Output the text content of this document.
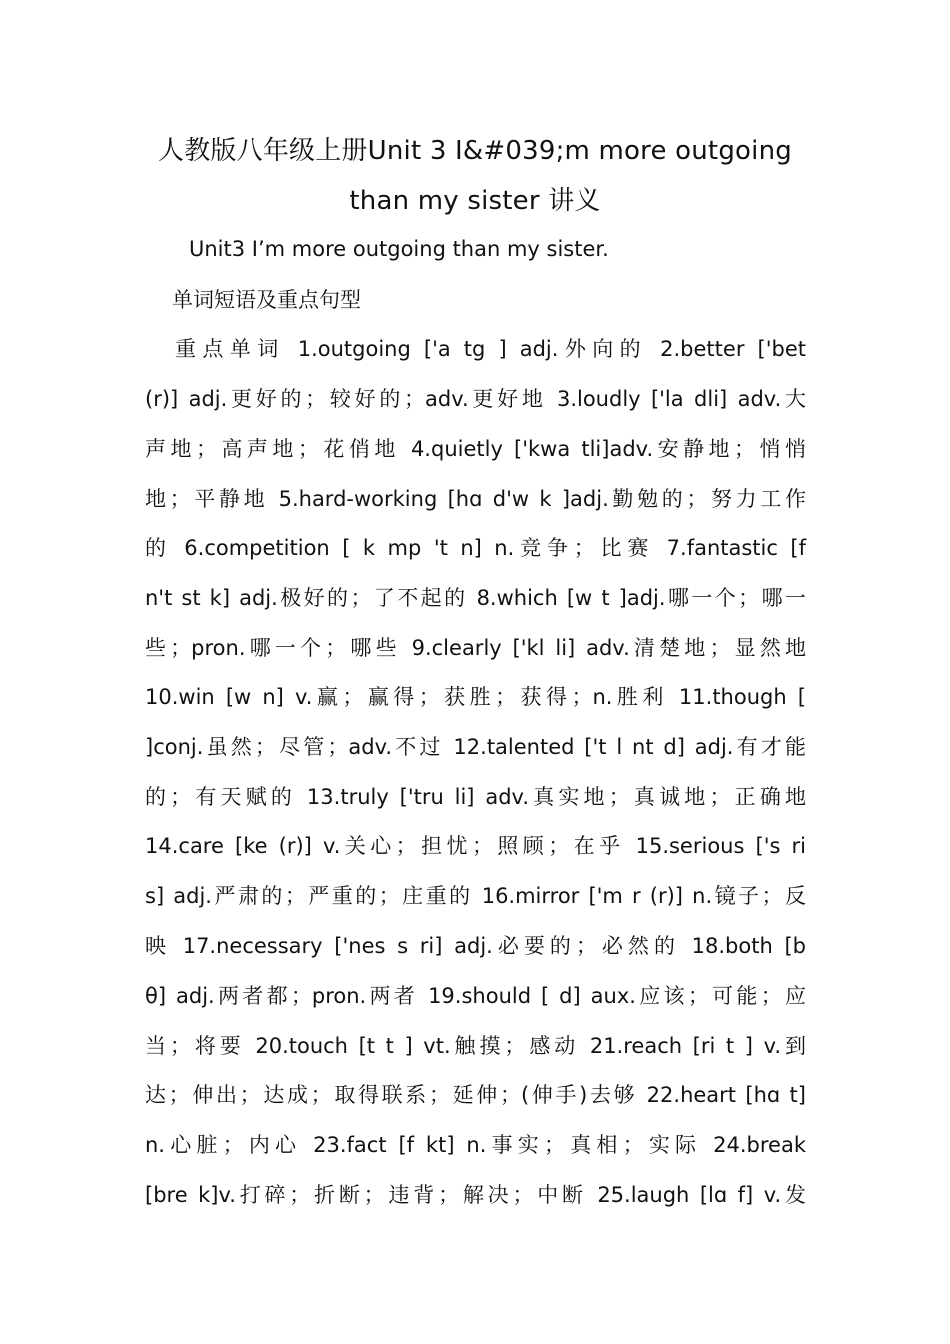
人教版八年级上册Unit 3 I&#039;m more outgoing
than my sister 讲义
Unit3 I’m more outgoing than my sister.
单词短语及重点句型
重点单词 1.outgoing ['a tg ] adj.外向的 2.better ['bet
(r)] adj.更好的；较好的；adv.更好地 3.loudly ['la dli] adv.大
声地；高声地；花俏地 4.quietly ['kwa tli]adv.安静地；悄悄
地；平静地 5.hard-working [hɑ d'w k ]adj.勤勉的；努力工作
的 6.competition [ k mp 't n] n.竞争；比赛 7.fantastic [f
n't st k] adj.极好的；了不起的 8.which [w t ]adj.哪一个；哪一
些；pron.哪一个；哪些 9.clearly ['kl li] adv.清楚地；显然地
10.win [w n] v.赢；赢得；获胜；获得；n.胜利 11.though [
]conj.虽然；尽管；adv.不过 12.talented ['t l nt d] adj.有才能
的；有天赋的 13.truly ['tru li] adv.真实地；真诚地；正确地
14.care [ke (r)] v.关心；担忧；照顾；在乎 15.serious ['s ri
s] adj.严肃的；严重的；庄重的 16.mirror ['m r (r)] n.镜子；反
映 17.necessary ['nes s ri] adj.必要的；必然的 18.both [b
θ] adj.两者都；pron.两者 19.should [ d] aux.应该；可能；应
当；将要 20.touch [t t ] vt.触摸；感动 21.reach [ri t ] v.到
达；伸出；达成；取得联系；延伸；(伸手)去够 22.heart [hɑ t]
n.心脏；内心 23.fact [f kt] n.事实；真相；实际 24.break
[bre k]v.打碎；折断；违背；解决；中断 25.laugh [lɑ f] v.发
